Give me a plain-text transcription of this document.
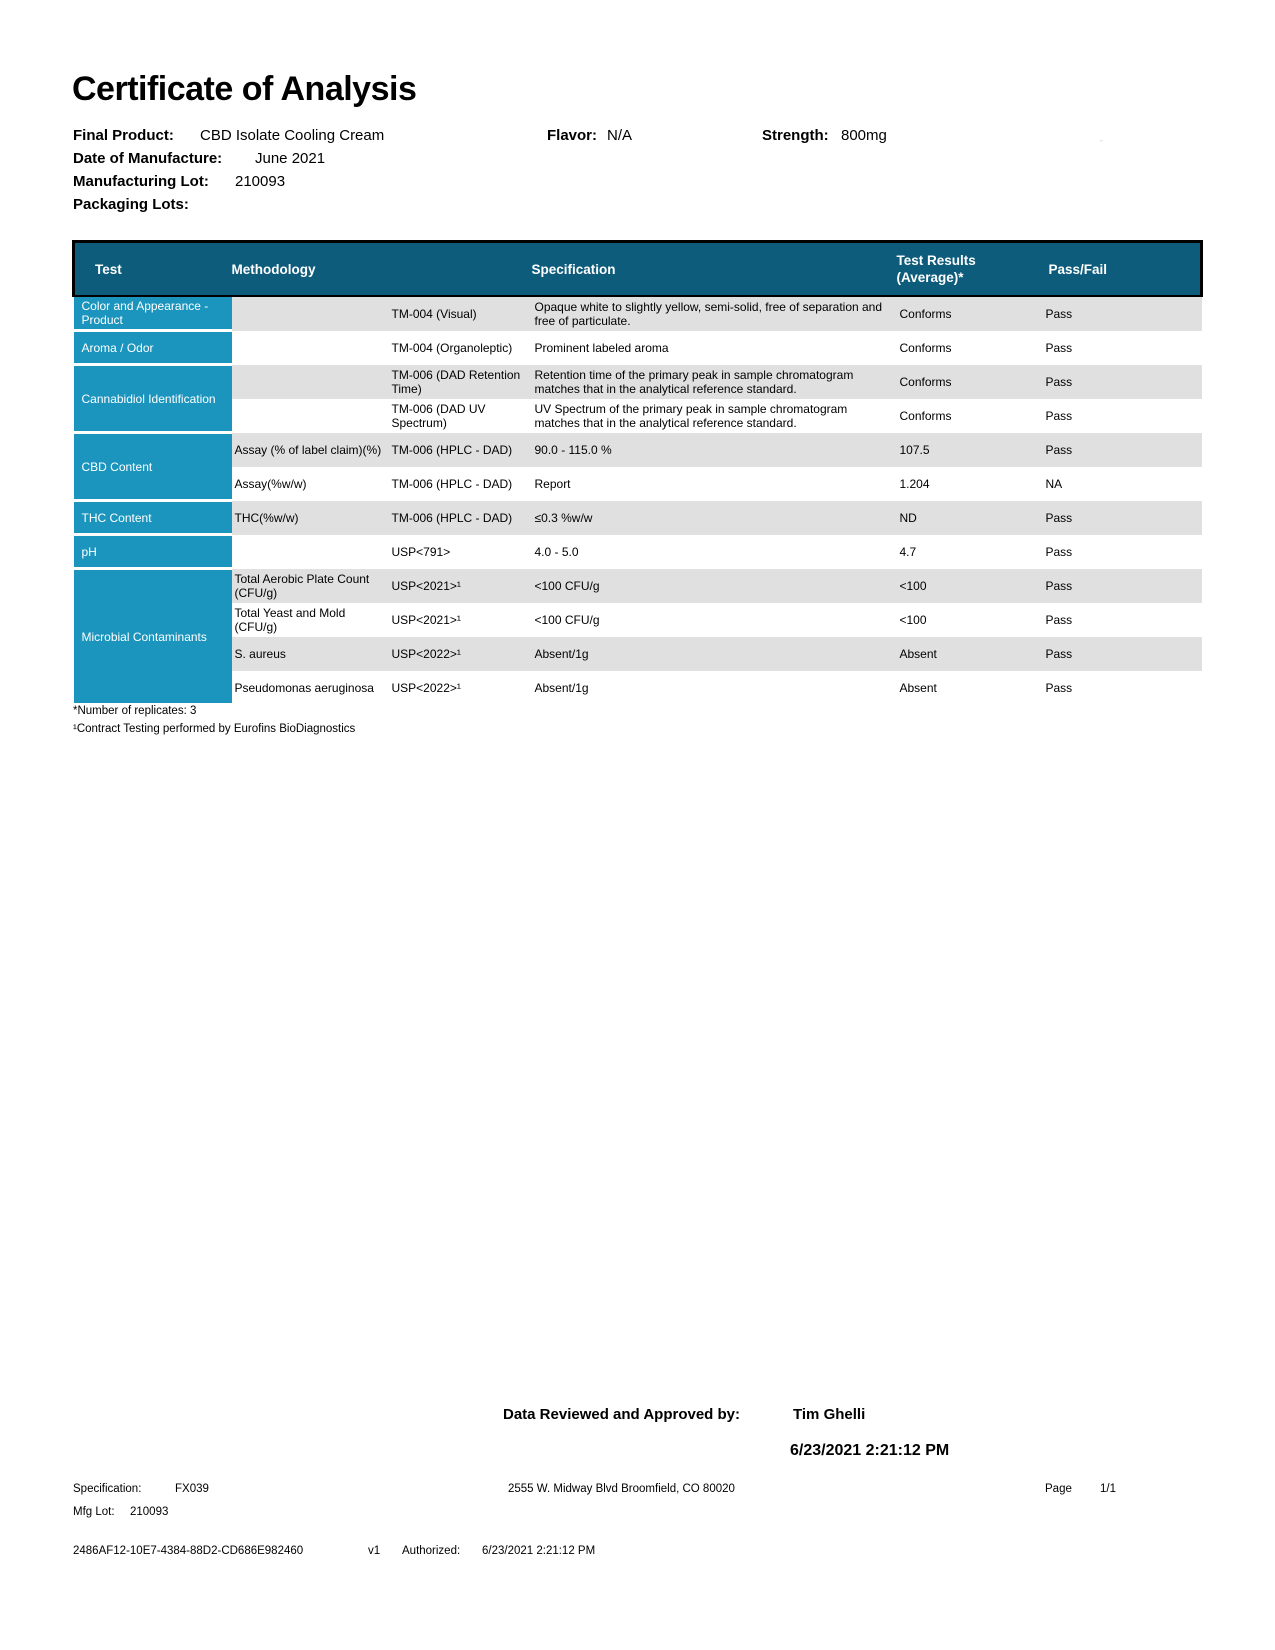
Certificate of Analysis
-
Final Product: CBD Isolate Cooling Cream	Flavor: N/A	Strength: 800mg
Date of Manufacture: June 2021
Manufacturing Lot: 210093
Packaging Lots:
Test	Methodology		Specification	Test Results (Average)*	Pass/Fail
Color and Appearance - Product		TM-004 (Visual)	Opaque white to slightly yellow, semi-solid, free of separation and free of particulate.	Conforms	Pass
Aroma / Odor		TM-004 (Organoleptic)	Prominent labeled aroma	Conforms	Pass
Cannabidiol Identification		TM-006 (DAD Retention Time)	Retention time of the primary peak in sample chromatogram matches that in the analytical reference standard.	Conforms	Pass
		TM-006 (DAD UV Spectrum)	UV Spectrum of the primary peak in sample chromatogram matches that in the analytical reference standard.	Conforms	Pass
CBD Content	Assay (% of label claim)(%)	TM-006 (HPLC - DAD)	90.0 - 115.0 %	107.5	Pass
	Assay(%w/w)	TM-006 (HPLC - DAD)	Report	1.204	NA
THC Content	THC(%w/w)	TM-006 (HPLC - DAD)	≤0.3 %w/w	ND	Pass
pH		USP<791>	4.0 - 5.0	4.7	Pass
Microbial Contaminants	Total Aerobic Plate Count (CFU/g)	USP<2021>¹	<100 CFU/g	<100	Pass
	Total Yeast and Mold (CFU/g)	USP<2021>¹	<100 CFU/g	<100	Pass
	S. aureus	USP<2022>¹	Absent/1g	Absent	Pass
	Pseudomonas aeruginosa	USP<2022>¹	Absent/1g	Absent	Pass
*Number of replicates: 3
¹Contract Testing performed by Eurofins BioDiagnostics
Data Reviewed and Approved by:	Tim Ghelli
6/23/2021 2:21:12 PM
Specification:	FX039	2555 W. Midway Blvd Broomfield, CO 80020	Page 1/1
Mfg Lot: 210093
2486AF12-10E7-4384-88D2-CD686E982460	v1 Authorized: 6/23/2021 2:21:12 PM
